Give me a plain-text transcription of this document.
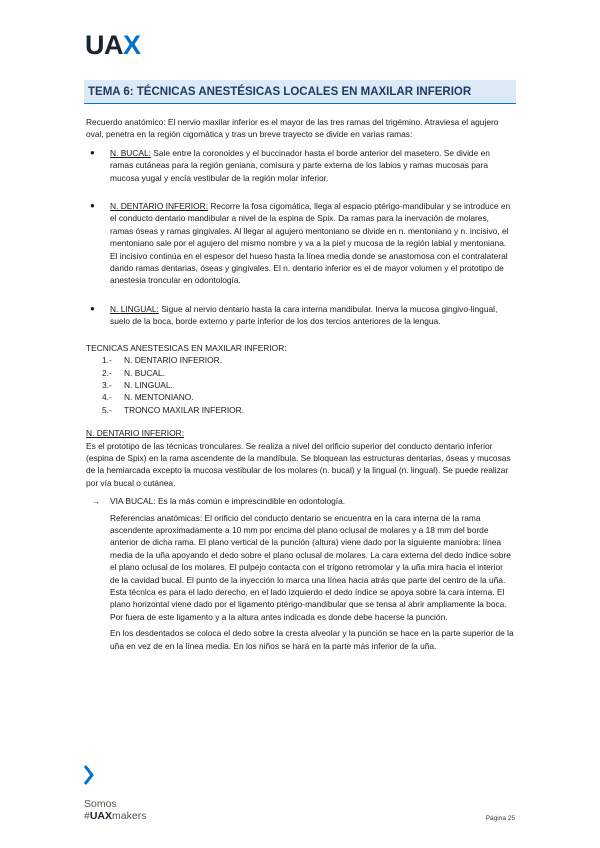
UAX
TEMA 6: TÉCNICAS ANESTÉSICAS LOCALES EN MAXILAR INFERIOR

Recuerdo anatómico: El nervio maxilar inferior es el mayor de las tres ramas del trigémino. Atraviesa el agujero oval, penetra en la región cigomática y tras un breve trayecto se divide en varias ramas:

● N. BUCAL: Sale entre la coronoides y el buccinador hasta el borde anterior del masetero. Se divide en ramas cutáneas para la región geniana, comisura y parte externa de los labios y ramas mucosas para mucosa yugal y encía vestibular de la región molar inferior.
● N. DENTARIO INFERIOR: Recorre la fosa cigomática, llega al espacio ptérigo-mandibular y se introduce en el conducto dentario mandibular a nivel de la espina de Spix. Da ramas para la inervación de molares, ramas óseas y ramas gingivales. Al llegar al agujero mentoniano se divide en n. mentoniano y n. incisivo, el mentoniano sale por el agujero del mismo nombre y va a la piel y mucosa de la región labial y mentoniana. El incisivo continúa en el espesor del hueso hasta la línea media donde se anastomosa con el contralateral dando ramas dentarias, óseas y gingivales. El n. dentario inferior es el de mayor volumen y el prototipo de anestesia troncular en odontología.
● N. LINGUAL: Sigue al nervio dentario hasta la cara interna mandibular. Inerva la mucosa gingivo-lingual, suelo de la boca, borde externo y parte inferior de los dos tercios anteriores de la lengua.

TECNICAS ANESTESICAS EN MAXILAR INFERIOR:

1.- N. DENTARIO INFERIOR.
2.- N. BUCAL.
3.- N. LINGUAL.
4.- N. MENTONIANO.
5.- TRONCO MAXILAR INFERIOR.

N. DENTARIO INFERIOR:

Es el prototipo de las técnicas tronculares. Se realiza a nivel del orificio superior del conducto dentario inferior (espina de Spix) en la rama ascendente de la mandíbula. Se bloquean las estructuras dentarias, óseas y mucosas de la hemiarcada excepto la mucosa vestibular de los molares (n. bucal) y la lingual (n. lingual). Se puede realizar por vía bucal o cutánea.

→ VIA BUCAL: Es la más común e imprescindible en odontología.

Referencias anatómicas: El orificio del conducto dentario se encuentra en la cara interna de la rama ascendente aproximadamente a 10 mm por encima del plano oclusal de molares y a 18 mm del borde anterior de dicha rama. El plano vertical de la punción (altura) viene dado por la siguiente maniobra: línea media de la uña apoyando el dedo sobre el plano oclusal de molares. La cara externa del dedo índice sobre el plano oclusal de los molares. El pulpejo contacta con el trígono retromolar y la uña mira hacia el interior de la cavidad bucal. El punto de la inyección lo marca una línea hacia atrás que parte del centro de la uña. Esta técnica es para el lado derecho, en el lado izquierdo el dedo índice se apoya sobre la cara interna. El plano horizontal viene dado por el ligamento ptérigo-mandibular que se tensa al abrir ampliamente la boca. Por fuera de este ligamento y a la altura antes indicada es donde debe hacerse la punción.

En los desdentados se coloca el dedo sobre la cresta alveolar y la punción se hace en la parte superior de la uña en vez de en la línea media. En los niños se hará en la parte más inferior de la uña.

Somos
#UAXmakers	Página 25
